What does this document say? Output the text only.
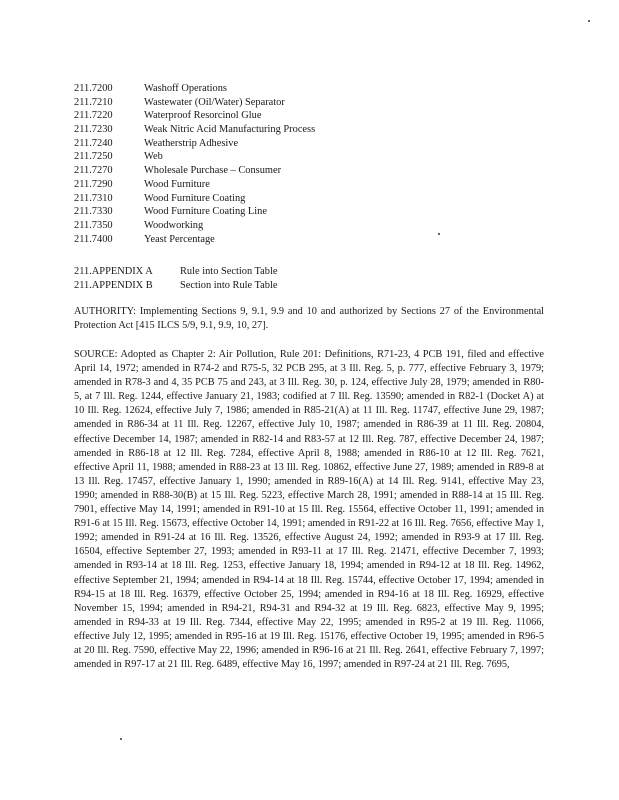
211.7200	Washoff Operations
211.7210	Wastewater (Oil/Water) Separator
211.7220	Waterproof Resorcinol Glue
211.7230	Weak Nitric Acid Manufacturing Process
211.7240	Weatherstrip Adhesive
211.7250	Web
211.7270	Wholesale Purchase – Consumer
211.7290	Wood Furniture
211.7310	Wood Furniture Coating
211.7330	Wood Furniture Coating Line
211.7350	Woodworking
211.7400	Yeast Percentage
211.APPENDIX A	Rule into Section Table
211.APPENDIX B	Section into Rule Table

AUTHORITY: Implementing Sections 9, 9.1, 9.9 and 10 and authorized by Sections 27 of the Environmental Protection Act [415 ILCS 5/9, 9.1, 9.9, 10, 27].

SOURCE: Adopted as Chapter 2: Air Pollution, Rule 201: Definitions, R71-23, 4 PCB 191, filed and effective April 14, 1972; amended in R74-2 and R75-5, 32 PCB 295, at 3 Ill. Reg. 5, p. 777, effective February 3, 1979; amended in R78-3 and 4, 35 PCB 75 and 243, at 3 Ill. Reg. 30, p. 124, effective July 28, 1979; amended in R80-5, at 7 Ill. Reg. 1244, effective January 21, 1983; codified at 7 Ill. Reg. 13590; amended in R82-1 (Docket A) at 10 Ill. Reg. 12624, effective July 7, 1986; amended in R85-21(A) at 11 Ill. Reg. 11747, effective June 29, 1987; amended in R86-34 at 11 Ill. Reg. 12267, effective July 10, 1987; amended in R86-39 at 11 Ill. Reg. 20804, effective December 14, 1987; amended in R82-14 and R83-57 at 12 Ill. Reg. 787, effective December 24, 1987; amended in R86-18 at 12 Ill. Reg. 7284, effective April 8, 1988; amended in R86-10 at 12 Ill. Reg. 7621, effective April 11, 1988; amended in R88-23 at 13 Ill. Reg. 10862, effective June 27, 1989; amended in R89-8 at 13 Ill. Reg. 17457, effective January 1, 1990; amended in R89-16(A) at 14 Ill. Reg. 9141, effective May 23, 1990; amended in R88-30(B) at 15 Ill. Reg. 5223, effective March 28, 1991; amended in R88-14 at 15 Ill. Reg. 7901, effective May 14, 1991; amended in R91-10 at 15 Ill. Reg. 15564, effective October 11, 1991; amended in R91-6 at 15 Ill. Reg. 15673, effective October 14, 1991; amended in R91-22 at 16 Ill. Reg. 7656, effective May 1, 1992; amended in R91-24 at 16 Ill. Reg. 13526, effective August 24, 1992; amended in R93-9 at 17 Ill. Reg. 16504, effective September 27, 1993; amended in R93-11 at 17 Ill. Reg. 21471, effective December 7, 1993; amended in R93-14 at 18 Ill. Reg. 1253, effective January 18, 1994; amended in R94-12 at 18 Ill. Reg. 14962, effective September 21, 1994; amended in R94-14 at 18 Ill. Reg. 15744, effective October 17, 1994; amended in R94-15 at 18 Ill. Reg. 16379, effective October 25, 1994; amended in R94-16 at 18 Ill. Reg. 16929, effective November 15, 1994; amended in R94-21, R94-31 and R94-32 at 19 Ill. Reg. 6823, effective May 9, 1995; amended in R94-33 at 19 Ill. Reg. 7344, effective May 22, 1995; amended in R95-2 at 19 Ill. Reg. 11066, effective July 12, 1995; amended in R95-16 at 19 Ill. Reg. 15176, effective October 19, 1995; amended in R96-5 at 20 Ill. Reg. 7590, effective May 22, 1996; amended in R96-16 at 21 Ill. Reg. 2641, effective February 7, 1997; amended in R97-17 at 21 Ill. Reg. 6489, effective May 16, 1997; amended in R97-24 at 21 Ill. Reg. 7695,
